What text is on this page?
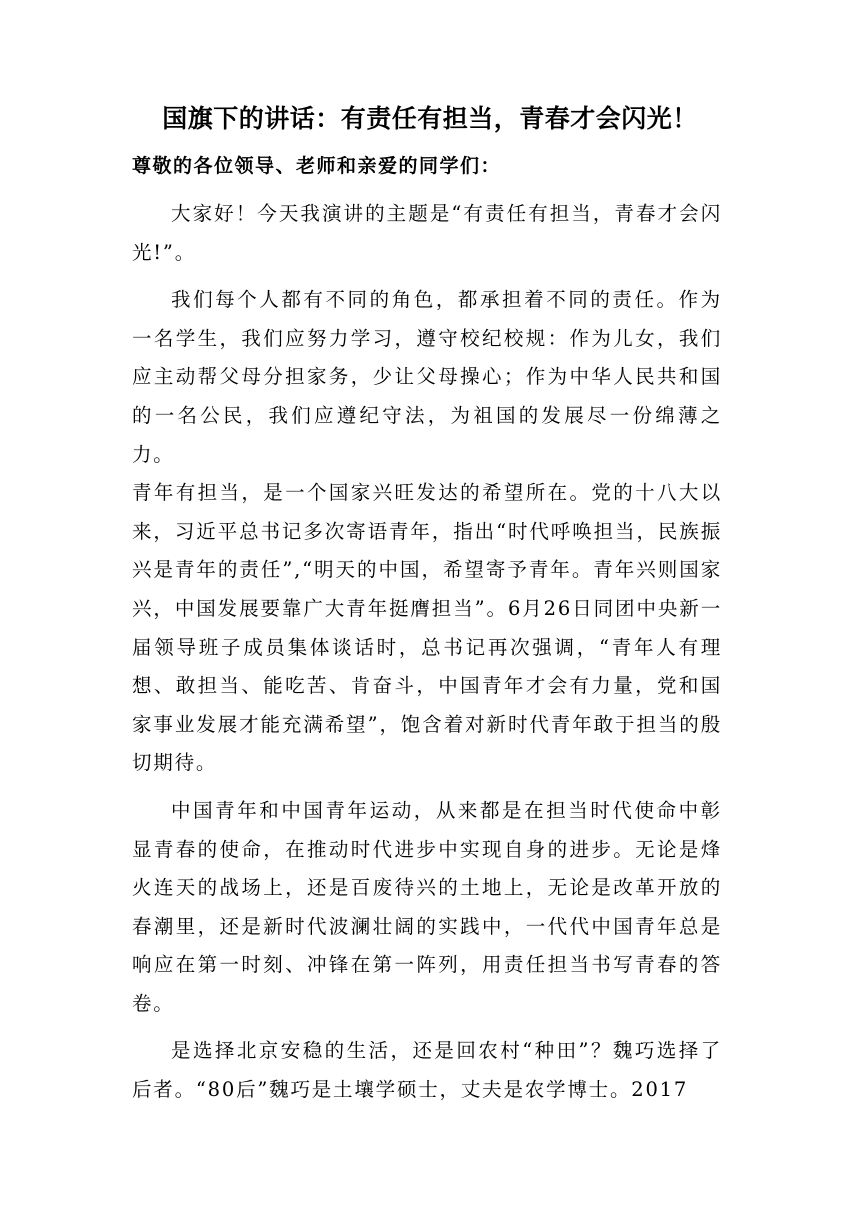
国旗下的讲话：有责任有担当，青春才会闪光！
尊敬的各位领导、老师和亲爱的同学们：

大家好！今天我演讲的主题是“有责任有担当，青春才会闪光!”。

我们每个人都有不同的角色，都承担着不同的责任。作为一名学生，我们应努力学习，遵守校纪校规：作为儿女，我们应主动帮父母分担家务，少让父母操心；作为中华人民共和国的一名公民，我们应遵纪守法，为祖国的发展尽一份绵薄之力。

青年有担当，是一个国家兴旺发达的希望所在。党的十八大以来，习近平总书记多次寄语青年，指出“时代呼唤担当，民族振兴是青年的责任”,“明天的中国，希望寄予青年。青年兴则国家兴，中国发展要靠广大青年挺膺担当”。6月26日同团中央新一届领导班子成员集体谈话时，总书记再次强调，“青年人有理想、敢担当、能吃苦、肯奋斗，中国青年才会有力量，党和国家事业发展才能充满希望”，饱含着对新时代青年敢于担当的殷切期待。

中国青年和中国青年运动，从来都是在担当时代使命中彰显青春的使命，在推动时代进步中实现自身的进步。无论是烽火连天的战场上，还是百废待兴的土地上，无论是改革开放的春潮里，还是新时代波澜壮阔的实践中，一代代中国青年总是响应在第一时刻、冲锋在第一阵列，用责任担当书写青春的答卷。

是选择北京安稳的生活，还是回农村“种田”？魏巧选择了后者。“80后”魏巧是土壤学硕士，丈夫是农学博士。2017
